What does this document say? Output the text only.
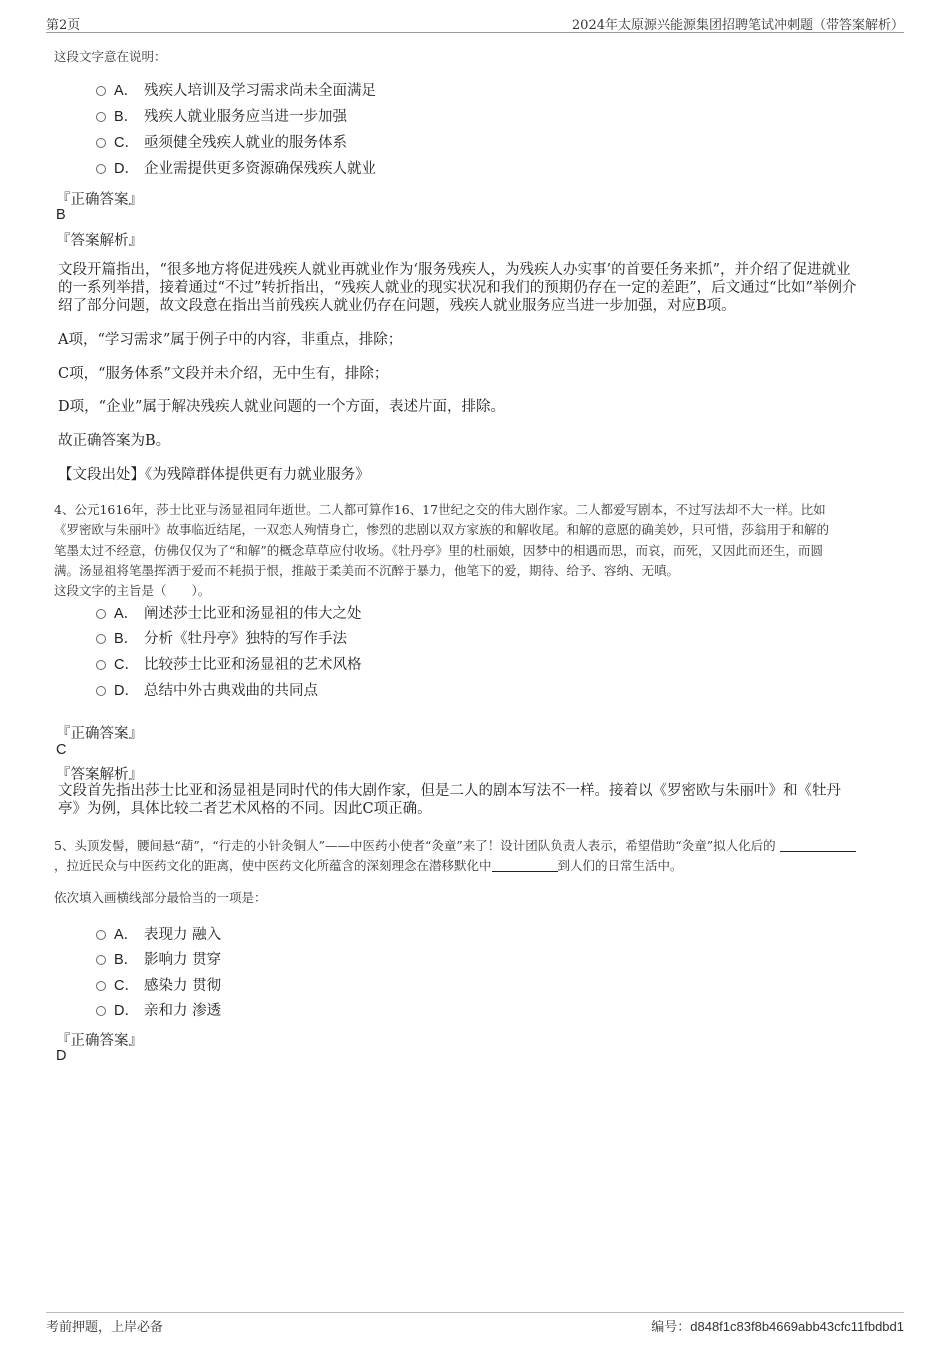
第2页	2024年太原源兴能源集团招聘笔试冲刺题（带答案解析）
这段文字意在说明：
A． 残疾人培训及学习需求尚未全面满足
B． 残疾人就业服务应当进一步加强
C． 亟须健全残疾人就业的服务体系
D． 企业需提供更多资源确保残疾人就业
『正确答案』
B
『答案解析』
文段开篇指出，“很多地方将促进残疾人就业再就业作为‘服务残疾人，为残疾人办实事’的首要任务来抓”，并介绍了促进就业
的一系列举措，接着通过“不过”转折指出，“残疾人就业的现实状况和我们的预期仍存在一定的差距”，后文通过“比如”举例介
绍了部分问题，故文段意在指出当前残疾人就业仍存在问题，残疾人就业服务应当进一步加强，对应B项。
A项，“学习需求”属于例子中的内容，非重点，排除；
C项，“服务体系”文段并未介绍，无中生有，排除；
D项，“企业”属于解决残疾人就业问题的一个方面，表述片面，排除。
故正确答案为B。
【文段出处】《为残障群体提供更有力就业服务》
4、公元1616年，莎士比亚与汤显祖同年逝世。二人都可算作16、17世纪之交的伟大剧作家。二人都爱写剧本，不过写法却不大一样。比如
《罗密欧与朱丽叶》故事临近结尾，一双恋人殉情身亡，惨烈的悲剧以双方家族的和解收尾。和解的意愿的确美妙，只可惜，莎翁用于和解的
笔墨太过不经意，仿佛仅仅为了“和解”的概念草草应付收场。《牡丹亭》里的杜丽娘，因梦中的相遇而思，而哀，而死，又因此而还生，而圆
满。汤显祖将笔墨挥洒于爱而不耗损于恨，推敲于柔美而不沉醉于暴力，他笔下的爱，期待、给予、容纳、无嗔。
这段文字的主旨是（　　）。
A． 阐述莎士比亚和汤显祖的伟大之处
B． 分析《牡丹亭》独特的写作手法
C． 比较莎士比亚和汤显祖的艺术风格
D． 总结中外古典戏曲的共同点
『正确答案』
C
『答案解析』
文段首先指出莎士比亚和汤显祖是同时代的伟大剧作家，但是二人的剧本写法不一样。接着以《罗密欧与朱丽叶》和《牡丹
亭》为例，具体比较二者艺术风格的不同。因此C项正确。
5、头顶发髻，腰间悬“葫”，“行走的小针灸铜人”——中医药小使者“灸童”来了！设计团队负责人表示，希望借助“灸童”拟人化后的
，拉近民众与中医药文化的距离，使中医药文化所蕴含的深刻理念在潜移默化中	到人们的日常生活中。
依次填入画横线部分最恰当的一项是：
A． 表现力 融入
B． 影响力 贯穿
C． 感染力 贯彻
D． 亲和力 渗透
『正确答案』
D
考前押题，上岸必备	编号：d848f1c83f8b4669abb43cfc11fbdbd1
